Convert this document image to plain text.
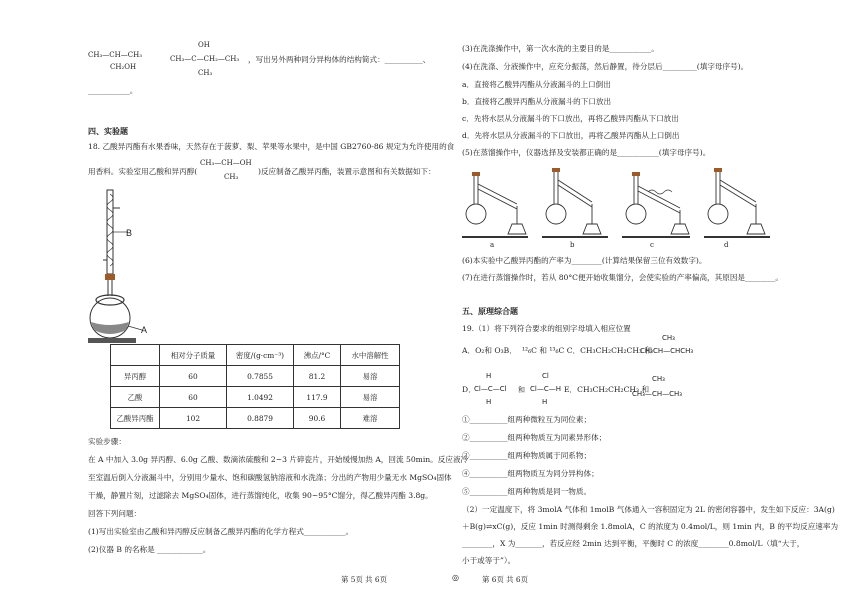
CH₃—CH—CH₃
CH₂OH
OH
CH₃—C—CH₂—CH₃
CH₃
，写出另外两种同分异构体的结构简式：__________、
___________。
四、实验题
18. 乙酸异丙酯有水果香味，天然存在于菠萝、梨、苹果等水果中，是中国 GB2760-86 规定为允许使用的食
用香料。实验室用乙酸和异丙醇(
CH₃—CH—OH
CH₃
)反应制备乙酸异丙酯，装置示意图和有关数据如下：
B
A
	相对分子质量	密度/(g·cm⁻³)	沸点/°C	水中溶解性
异丙醇	60	0.7855	81.2	易溶
乙酸	60	1.0492	117.9	易溶
乙酸异丙酯	102	0.8879	90.6	难溶
实验步骤：
在 A 中加入 3.0g 异丙醇、6.0g 乙酸、数滴浓硫酸和 2~3 片碎瓷片，开始缓慢加热 A，回流 50min。反应液冷
至室温后倒入分液漏斗中，分别用少量水、饱和碳酸氢钠溶液和水洗涤；分出的产物用少量无水 MgSO₄固体
干燥，静置片刻，过滤除去 MgSO₄固体，进行蒸馏纯化，收集 90~95°C馏分，得乙酸异丙酯 3.8g。
回答下列问题：
(1)写出实验室由乙酸和异丙醇反应制备乙酸异丙酯的化学方程式___________。
(2)仪器 B 的名称是 ____________。
第 5页 共 6页	◎
(3)在洗涤操作中，第一次水洗的主要目的是___________。
(4)在洗涤、分液操作中，应充分振荡，然后静置，待分层后_________(填字母序号)。
a．直接将乙酸异丙酯从分液漏斗的上口倒出
b．直接将乙酸异丙酯从分液漏斗的下口放出
c．先将水层从分液漏斗的下口放出，再将乙酸异丙酯从下口放出
d．先将水层从分液漏斗的下口放出，再将乙酸异丙酯从上口倒出
(5)在蒸馏操作中，仪器选择及安装都正确的是___________(填字母序号)。
a	b	c	d
(6)本实验中乙酸异丙酯的产率为________(计算结果保留三位有效数字)。
(7)在进行蒸馏操作时，若从 80°C便开始收集馏分，会使实验的产率偏高，其原因是________。
五、原理综合题
19.（1）将下列符合要求的组别字母填入相应位置
A．O₂和 O₃B． ¹²₆C 和 ¹³₆C C．CH₃CH₂CH₂CH₃ 和
CH₃
CH₃CH—CHCH₃
D．
H
Cl—C—Cl
H
和
Cl
Cl—C—H
H
E．CH₃CH₂CH₂CH₃ 和
CH₃
CH₃—CH—CH₃
①__________组两种微粒互为同位素；
②__________组两种物质互为同素异形体；
③__________组两种物质属于同系物；
④__________组两物质互为同分异构体；
⑤__________组两种物质是同一物质。
（2）一定温度下，将 3molA 气体和 1molB 气体通入一容积固定为 2L 的密闭容器中，发生如下反应：3A(g)
＋B(g)⇌xC(g)，反应 1min 时测得剩余 1.8molA，C 的浓度为 0.4mol/L，则 1min 内，B 的平均反应速率为
________，X 为_______，若反应经 2min 达到平衡，平衡时 C 的浓度________0.8mol/L（填“大于，
小于或等于”）。
第 6页 共 6页
